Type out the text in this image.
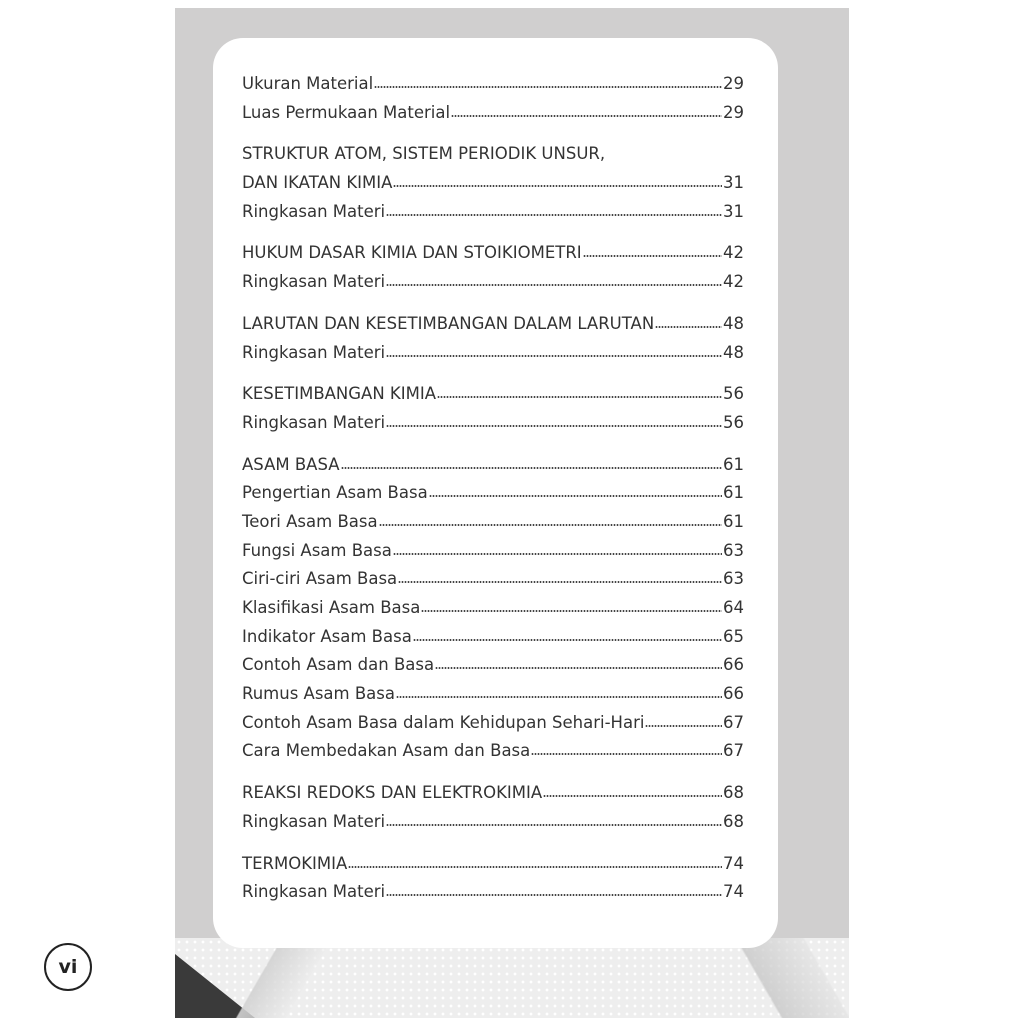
vi
Ukuran Material	29
Luas Permukaan Material	29
STRUKTUR ATOM, SISTEM PERIODIK UNSUR,
DAN IKATAN KIMIA	31
Ringkasan Materi	31
HUKUM DASAR KIMIA DAN STOIKIOMETRI	42
Ringkasan Materi	42
LARUTAN DAN KESETIMBANGAN DALAM LARUTAN	48
Ringkasan Materi	48
KESETIMBANGAN KIMIA	56
Ringkasan Materi	56
ASAM BASA	61
Pengertian Asam Basa	61
Teori Asam Basa	61
Fungsi Asam Basa	63
Ciri-ciri Asam Basa	63
Klasifikasi Asam Basa	64
Indikator Asam Basa	65
Contoh Asam dan Basa	66
Rumus Asam Basa	66
Contoh Asam Basa dalam Kehidupan Sehari-Hari	67
Cara Membedakan Asam dan Basa	67
REAKSI REDOKS DAN ELEKTROKIMIA	68
Ringkasan Materi	68
TERMOKIMIA	74
Ringkasan Materi	74
